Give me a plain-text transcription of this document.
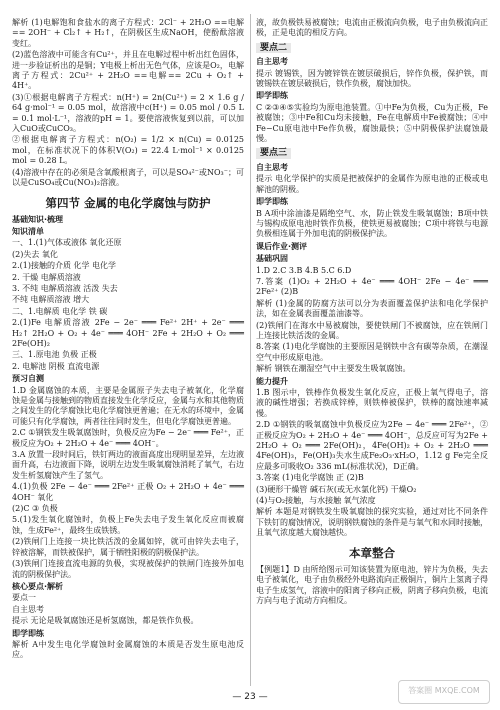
解析 (1)电解饱和食盐水的离子方程式：2Cl⁻ + 2H₂O ==电解== 2OH⁻ + Cl₂↑ + H₂↑，在阴极区生成NaOH，使酚酞溶液变红。

(2)蓝色溶液中可能含有Cu²⁺，并且在电解过程中析出红色固体，进一步验证析出的是铜；Y电极上析出无色气体，应该是O₂，电解离子方程式：2Cu²⁺ + 2H₂O ==电解== 2Cu + O₂↑ + 4H⁺。

(3)①根据电解离子方程式：n(H⁺) = 2n(Cu²⁺) = 2 × 1.6 g / 64 g·mol⁻¹ = 0.05 mol，故溶液中c(H⁺) = 0.05 mol / 0.5 L = 0.1 mol·L⁻¹，溶液的pH = 1。要使溶液恢复到以前，可以加入CuO或CuCO₃。

②根据电解离子方程式：n(O₂) = 1/2 × n(Cu) = 0.0125 mol，在标准状况下的体积V(O₂) = 22.4 L·mol⁻¹ × 0.0125 mol = 0.28 L。

(4)溶液中存在的必须是含氧酸根离子，可以是SO₄²⁻或NO₃⁻；可以是CuSO₄或Cu(NO₃)₂溶液。

第四节 金属的电化学腐蚀与防护

基础知识·梳理

知识清单

一、1.(1)气体或液体 氧化还原

(2)失去 氧化

2.(1)接触的介质 化学 电化学

2. 干燥 电解质溶液

3. 不纯 电解质溶液 活泼 失去

不纯 电解质溶液 增大

二、1.电解质 电化学 铁 碳

2.(1)Fe 电解质溶液 2Fe − 2e⁻ ═══ Fe²⁺ 2H⁺ + 2e⁻ ═══ H₂↑ 2H₂O + O₂ + 4e⁻ ═══ 4OH⁻ 2Fe + 2H₂O + O₂ ═══ 2Fe(OH)₂

三、1.原电池 负极 正极

2. 电解池 阴极 直流电源

预习自测

1.D 金属腐蚀的本质，主要是金属原子失去电子被氧化，化学腐蚀是金属与接触到的物质直接发生化学反应，金属与水和其他物质之间发生的化学腐蚀比电化学腐蚀更普遍；在无水的环境中，金属可能只有化学腐蚀，两者往往同时发生，但电化学腐蚀更普遍。

2.C ①钢铁发生吸氧腐蚀时，负极反应为Fe − 2e⁻ ═══ Fe²⁺，正极反应为O₂ + 2H₂O + 4e⁻ ═══ 4OH⁻。

3.A 放置一段时间后，铁钉两边的液面高度出现明显差异，左边液面升高，右边液面下降，说明左边发生吸氧腐蚀消耗了氧气，右边发生析氢腐蚀产生了氢气。

4.(1)负极 2Fe − 4e⁻ ═══ 2Fe²⁺ 正极 O₂ + 2H₂O + 4e⁻ ═══ 4OH⁻ 氧化

(2)C ③ 负极

5.(1)发生氧化腐蚀时，负极上Fe失去电子发生氧化反应而被腐蚀，生成Fe²⁺，最终生成铁锈。

(2)铁闸门上连接一块比铁活泼的金属如锌，就可由锌失去电子，锌被溶解，而铁被保护，属于牺牲阳极的阴极保护法。

(3)铁闸门连接直流电源的负极，实现被保护的铁闸门连接外加电流的阴极保护法。

核心要点·解析

要点一

自主思考

提示 无论是吸氧腐蚀还是析氢腐蚀，都是铁作负极。

即学即练

解析 A中发生电化学腐蚀时金属腐蚀的本质是否发生原电池反应。

液，故负极铁易被腐蚀；电流由正极流向负极，电子由负极流向正极，正是电流的相反方向。

要点二

自主思考

提示 镀锡铁，因为镀锌铁在镀层破损后，锌作负极，保护铁，而镀锡铁在镀层破损后，铁作负极，腐蚀加快。

即学即练

C ②③④⑤实验均为原电池装置。①中Fe为负极，Cu为正极，Fe被腐蚀；③中Fe和Cu均未接触，Fe在电解质中Fe被腐蚀；④中Fe−Cu原电池中Fe作负极，腐蚀最快；⑤中阴极保护法腐蚀最慢。

要点三

自主思考

提示 电化学保护的实质是把被保护的金属作为原电池的正极或电解池的阴极。

即学即练

B A项中涂油漆是隔绝空气、水，防止铁发生吸氧腐蚀；B项中铁与锡构成原电池时铁作负极，使铁更易被腐蚀；C项中将铁与电源负极相连属于外加电流的阴极保护法。

课后作业·测评

基础巩固

1.D 2.C 3.B 4.B 5.C 6.D

7.答案 (1)O₂ + 2H₂O + 4e⁻ ═══ 4OH⁻ 2Fe − 4e⁻ ═══ 2Fe²⁺ (2)B

解析 (1)金属的防腐方法可以分为表面覆盖保护法和电化学保护法，如在金属表面覆盖油漆等。

(2)铁闸门在海水中易被腐蚀，要使铁闸门不被腐蚀，应在铁闸门上连接比铁活泼的金属。

8.答案 (1)电化学腐蚀的主要原因是钢铁中含有碳等杂质，在潮湿空气中形成原电池。

解析 钢铁在潮湿空气中主要发生吸氧腐蚀。

能力提升

1.B 图示中，铁棒作负极发生氧化反应，正极上氧气得电子，溶液的碱性增强；若换成锌棒，则铁棒被保护，铁棒的腐蚀速率减慢。

2.D ①钢铁的吸氧腐蚀中负极反应为2Fe − 4e⁻ ═══ 2Fe²⁺，②正极反应为O₂ + 2H₂O + 4e⁻ ═══ 4OH⁻，总反应可写为2Fe + 2H₂O + O₂ ═══ 2Fe(OH)₂，4Fe(OH)₂ + O₂ + 2H₂O ═══ 4Fe(OH)₃，Fe(OH)₃失水生成Fe₂O₃·xH₂O，1.12 g Fe完全反应最多可吸收O₂ 336 mL(标准状况)，D正确。

3.答案 (1)电化学腐蚀 正 (2)B

(3)硬形干燥管 碱石灰(或无水氯化钙) 干燥O₂

(4)与O₂接触，与水接触 氧气浓度

解析 本题是对钢铁发生吸氧腐蚀的探究实验，通过对比不同条件下铁钉的腐蚀情况，说明钢铁腐蚀的条件是与氧气和水同时接触，且氧气浓度越大腐蚀越快。

本章整合

【例题1】D 由所给图示可知该装置为原电池，锌片为负极，失去电子被氧化，电子由负极经外电路流向正极铜片，铜片上氢离子得电子生成氢气，溶液中的阳离子移向正极，阴离子移向负极，电流方向与电子流动方向相反。

— 23 —
答案圈 MXQE.COM
